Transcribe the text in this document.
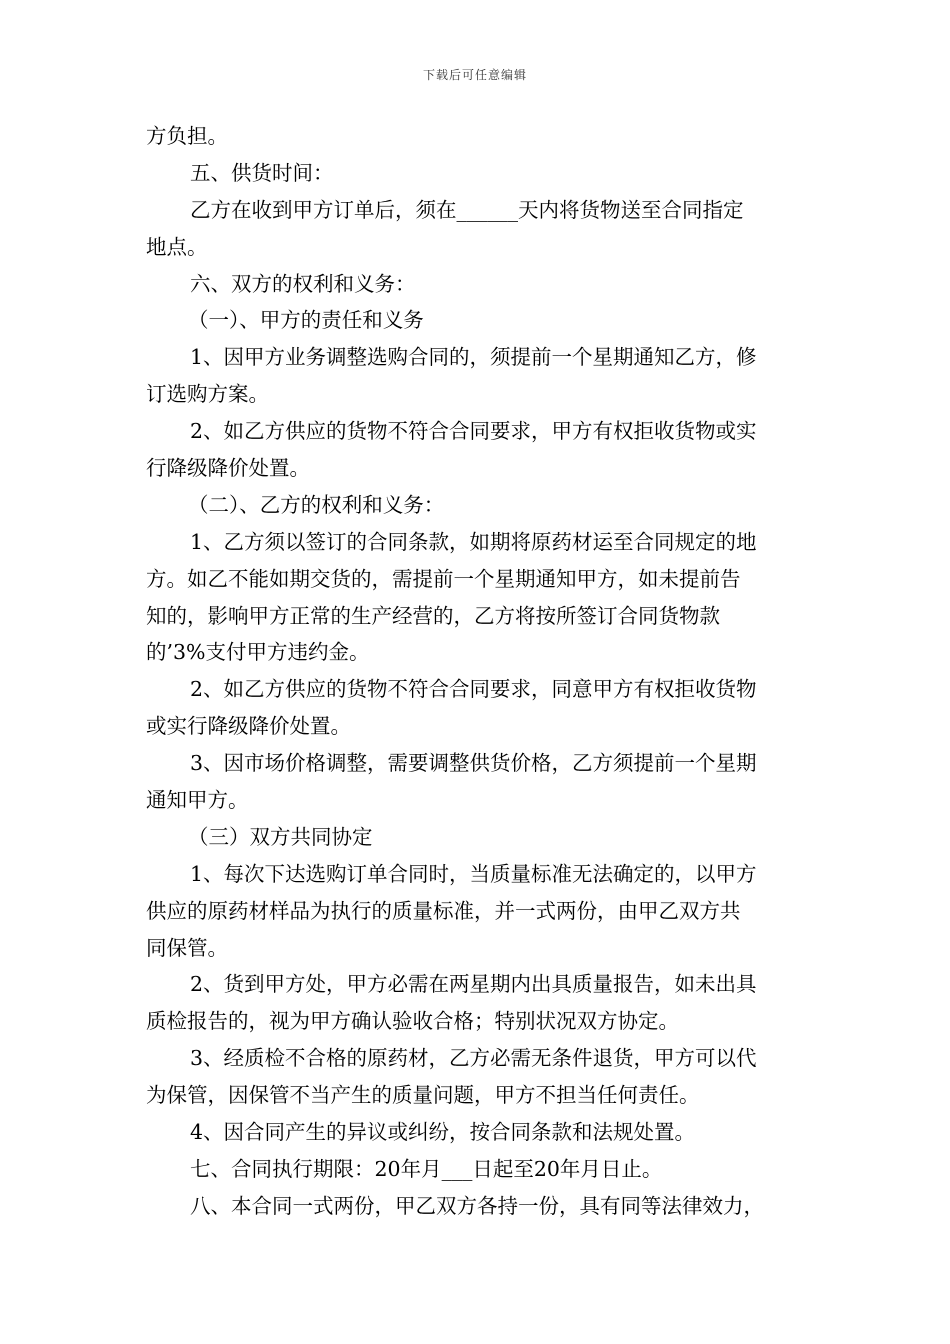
下载后可任意编辑
方负担。
五、供货时间：
乙方在收到甲方订单后，须在______天内将货物送至合同指定
地点。
六、双方的权利和义务：
（一）、甲方的责任和义务
1、因甲方业务调整选购合同的，须提前一个星期通知乙方，修
订选购方案。
2、如乙方供应的货物不符合合同要求，甲方有权拒收货物或实
行降级降价处置。
（二）、乙方的权利和义务：
1、乙方须以签订的合同条款，如期将原药材运至合同规定的地
方。如乙不能如期交货的，需提前一个星期通知甲方，如未提前告
知的，影响甲方正常的生产经营的，乙方将按所签订合同货物款
的’3%支付甲方违约金。
2、如乙方供应的货物不符合合同要求，同意甲方有权拒收货物
或实行降级降价处置。
3、因市场价格调整，需要调整供货价格，乙方须提前一个星期
通知甲方。
（三）双方共同协定
1、每次下达选购订单合同时，当质量标准无法确定的，以甲方
供应的原药材样品为执行的质量标准，并一式两份，由甲乙双方共
同保管。
2、货到甲方处，甲方必需在两星期内出具质量报告，如未出具
质检报告的，视为甲方确认验收合格；特别状况双方协定。
3、经质检不合格的原药材，乙方必需无条件退货，甲方可以代
为保管，因保管不当产生的质量问题，甲方不担当任何责任。
4、因合同产生的异议或纠纷，按合同条款和法规处置。
七、合同执行期限：20年月___日起至20年月日止。
八、本合同一式两份，甲乙双方各持一份，具有同等法律效力，
